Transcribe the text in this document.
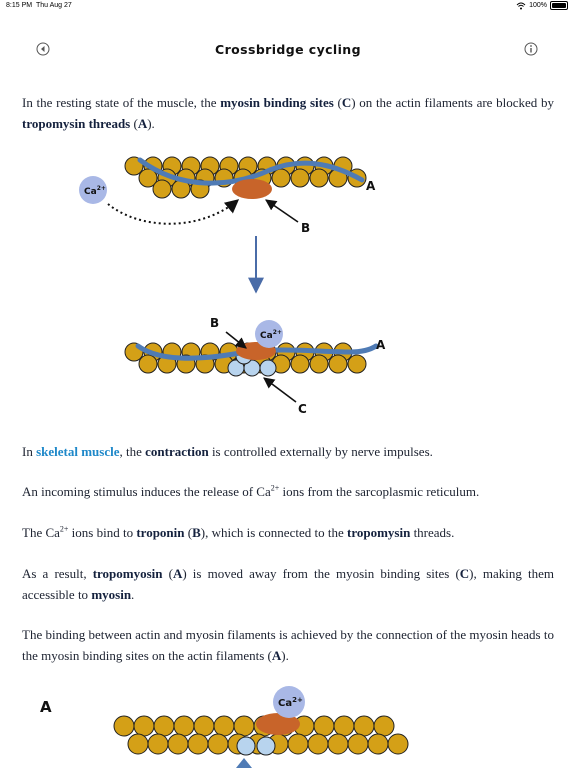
8:15 PM Thu Aug 27	100%
Crossbridge cycling

In the resting state of the muscle, the myosin binding sites (C) on the actin filaments are blocked by tropomysin threads (A).

$Ca^{2+}$
B
A
$Ca^{2+}$
B
A
C

In skeletal muscle, the contraction is controlled externally by nerve impulses.

An incoming stimulus induces the release of $Ca^{2+}$ ions from the sarcoplasmic reticulum.

The $Ca^{2+}$ ions bind to troponin (B), which is connected to the tropomysin threads.

As a result, tropomyosin (A) is moved away from the myosin binding sites (C), making them accessible to myosin.

The binding between actin and myosin filaments is achieved by the connection of the myosin heads to the myosin binding sites on the actin filaments (A).

A	$Ca^{2+}$
